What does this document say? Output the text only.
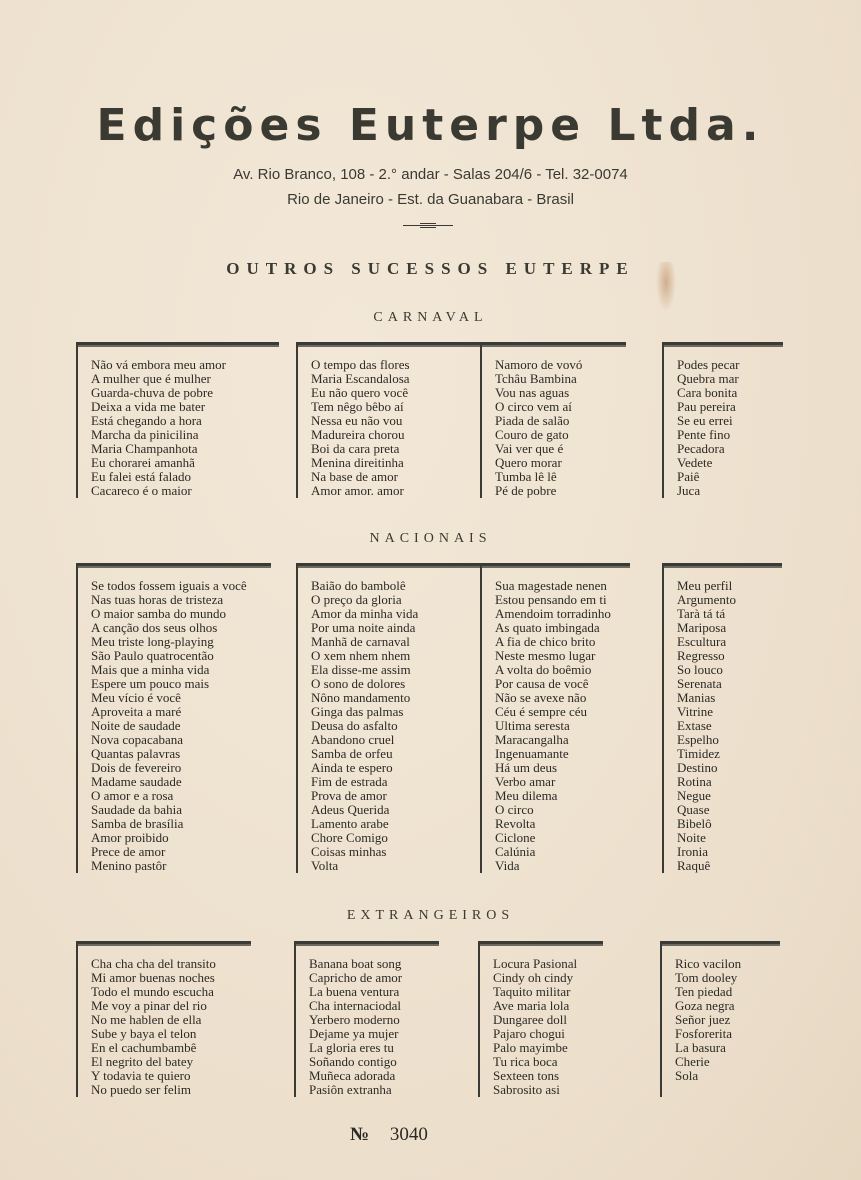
Edições Euterpe Ltda.
Av. Rio Branco, 108 - 2.° andar - Salas 204/6 - Tel. 32-0074
Rio de Janeiro - Est. da Guanabara - Brasil
OUTROS SUCESSOS EUTERPE
CARNAVAL
NACIONAIS
EXTRANGEIROS
Não vá embora meu amor
A mulher que é mulher
Guarda-chuva de pobre
Deixa a vida me bater
Está chegando a hora
Marcha da pinicilina
Maria Champanhota
Eu chorarei amanhã
Eu falei está falado
Cacareco é o maior
O tempo das flores
Maria Escandalosa
Eu não quero você
Tem nêgo bêbo aí
Nessa eu não vou
Madureira chorou
Boi da cara preta
Menina direitinha
Na base de amor
Amor amor. amor
Namoro de vovó
Tchâu Bambina
Vou nas aguas
O circo vem aí
Piada de salão
Couro de gato
Vai ver que é
Quero morar
Tumba lê lê
Pé de pobre
Podes pecar
Quebra mar
Cara bonita
Pau pereira
Se eu errei
Pente fino
Pecadora
Vedete
Paiê
Juca
Se todos fossem iguais a você
Nas tuas horas de tristeza
O maior samba do mundo
A canção dos seus olhos
Meu triste long-playing
São Paulo quatrocentão
Mais que a minha vida
Espere um pouco mais
Meu vício é você
Aproveita a maré
Noite de saudade
Nova copacabana
Quantas palavras
Dois de fevereiro
Madame saudade
O amor e a rosa
Saudade da bahia
Samba de brasília
Amor proibido
Prece de amor
Menino pastôr
Baião do bambolê
O preço da gloria
Amor da minha vida
Por uma noite ainda
Manhã de carnaval
O xem nhem nhem
Ela disse-me assim
O sono de dolores
Nôno mandamento
Ginga das palmas
Deusa do asfalto
Abandono cruel
Samba de orfeu
Ainda te espero
Fim de estrada
Prova de amor
Adeus Querida
Lamento arabe
Chore Comigo
Coisas minhas
Volta
Sua magestade nenen
Estou pensando em ti
Amendoim torradinho
As quato imbingada
A fia de chico brito
Neste mesmo lugar
A volta do boêmio
Por causa de você
Não se avexe não
Céu é sempre céu
Ultima seresta
Maracangalha
Ingenuamante
Há um deus
Verbo amar
Meu dilema
O circo
Revolta
Ciclone
Calúnia
Vida
Meu perfil
Argumento
Tarà tá tá
Mariposa
Escultura
Regresso
So louco
Serenata
Manias
Vitrine
Extase
Espelho
Timidez
Destino
Rotina
Negue
Quase
Bibelô
Noite
Ironia
Raquê
Cha cha cha del transito
Mi amor buenas noches
Todo el mundo escucha
Me voy a pinar del rio
No me hablen de ella
Sube y baya el telon
En el cachumbambê
El negrito del batey
Y todavia te quiero
No puedo ser felim
Banana boat song
Capricho de amor
La buena ventura
Cha internaciodal
Yerbero moderno
Dejame ya mujer
La gloria eres tu
Soñando contigo
Muñeca adorada
Pasiôn extranha
Locura Pasional
Cindy oh cindy
Taquito militar
Ave maria lola
Dungaree doll
Pajaro chogui
Palo mayimbe
Tu rica boca
Sexteen tons
Sabrosito asi
Rico vacilon
Tom dooley
Ten piedad
Goza negra
Señor juez
Fosforerita
La basura
Cherie
Sola
№ 3040
